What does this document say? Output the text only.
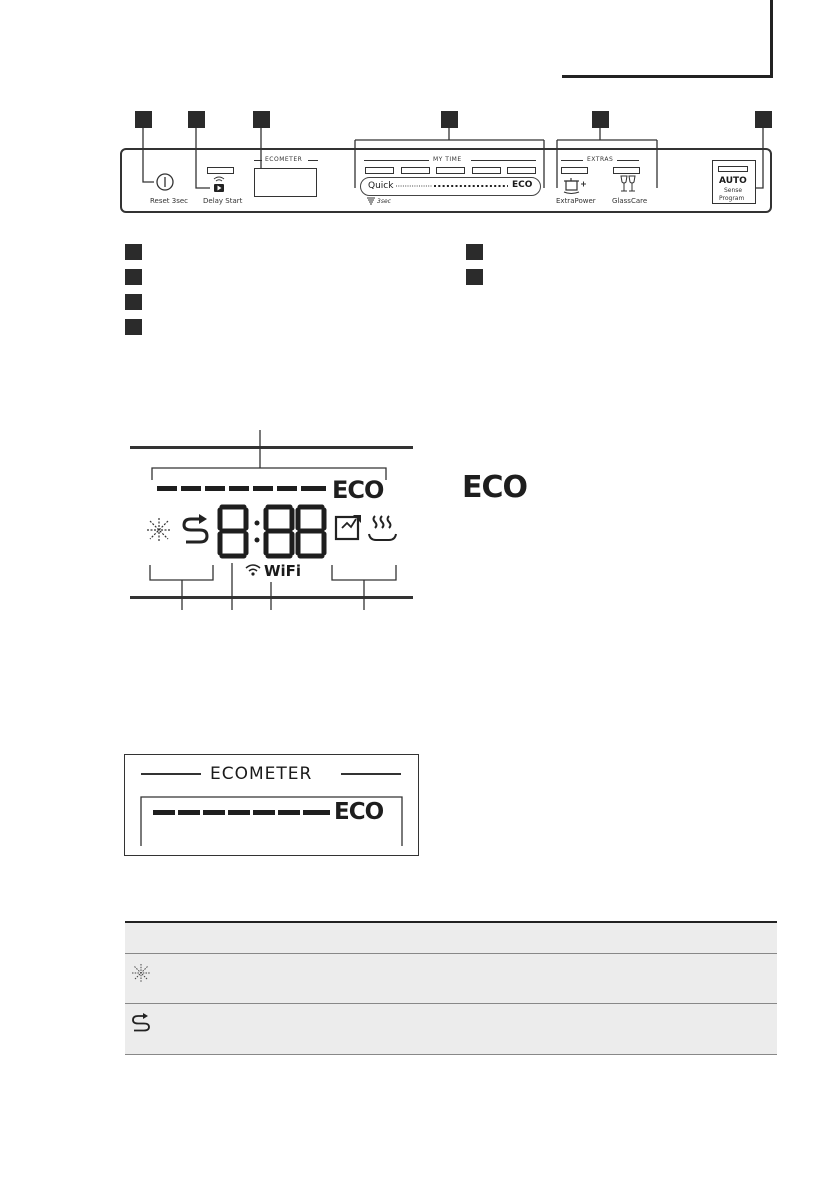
Reset 3sec Delay Start
ECOMETER	MY TIME
Quick	ECO
3sec
EXTRAS
ExtraPower GlassCare
AUTO
Sense
Program
ECO
WiFi
ECO
ECOMETER
ECO
